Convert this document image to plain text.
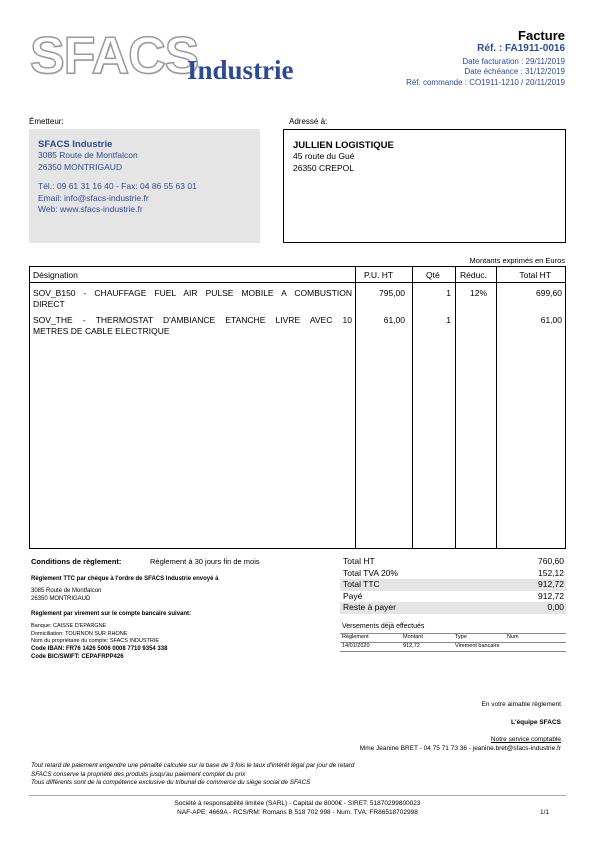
SFACS
Industrie
Facture
Réf. : FA1911-0016
Date facturation : 29/11/2019
Date échéance : 31/12/2019
Réf. commande : CO1911-1210 / 20/11/2019
Émetteur:	Adressé à:
SFACS Industrie
3085 Route de Montfalcon
26350 MONTRIGAUD
Tél.: 09 61 31 16 40 - Fax: 04 86 55 63 01
Email: info@sfacs-industrie.fr
Web: www.sfacs-industrie.fr
JULLIEN LOGISTIQUE
45 route du Gué
26350 CREPOL
Montants exprimés en Euros
Désignation	P.U. HT	Qté Réduc.	Total HT
SOV_B150 - CHAUFFAGE FUEL AIR PULSE MOBILE A COMBUSTION
DIRECT
795,00	1 12%	699,60
SOV_THE - THERMOSTAT D'AMBIANCE ETANCHE LIVRE AVEC 10
METRES DE CABLE ELECTRIQUE
61,00	1	61,00
Conditions de règlement:	Règlement à 30 jours fin de mois
Règlement TTC par chèque à l'ordre de SFACS Industrie envoyé à
3085 Route de Montfalcon
26350 MONTRIGAUD
Règlement par virement sur le compte bancaire suivant:
Banque: CAISSE D'EPARGNE
Domiciliation: TOURNON SUR RHONE
Nom du propriétaire du compte: SFACS INDUSTRIE
Code IBAN: FR76 1426 5006 0008 7710 9354 338
Code BIC/SWIFT: CEPAFRPP426
Total HT	760,60
Total TVA 20%	152,12
Total TTC	912,72
Payé	912,72
Reste à payer	0,00
Versements déjà effectués
Règlement	Montant	Type	Num
14/01/2020	912,72	Virement bancaire
En votre aimable règlement
L'équipe SFACS
Notre service comptable
Mme Jeanine BRET - 04 75 71 73 36 - jeanine.bret@sfacs-industrie.fr
Tout retard de paiement engendre une pénalité calculée sur la base de 3 fois le taux d'intérêt légal par jour de retard
SFACS conserve la propriété des produits jusqu'au paiement complet du prix
Tous différents sont de la compétence exclusive du tribunal de commerce du siège social de SFACS
Société à responsabilité limitée (SARL) - Capital de 8000€ - SIRET: 51870299800023
NAF-APE: 4669A - RCS/RM: Romans B 518 702 998 - Num. TVA: FR86518702998	1/1
